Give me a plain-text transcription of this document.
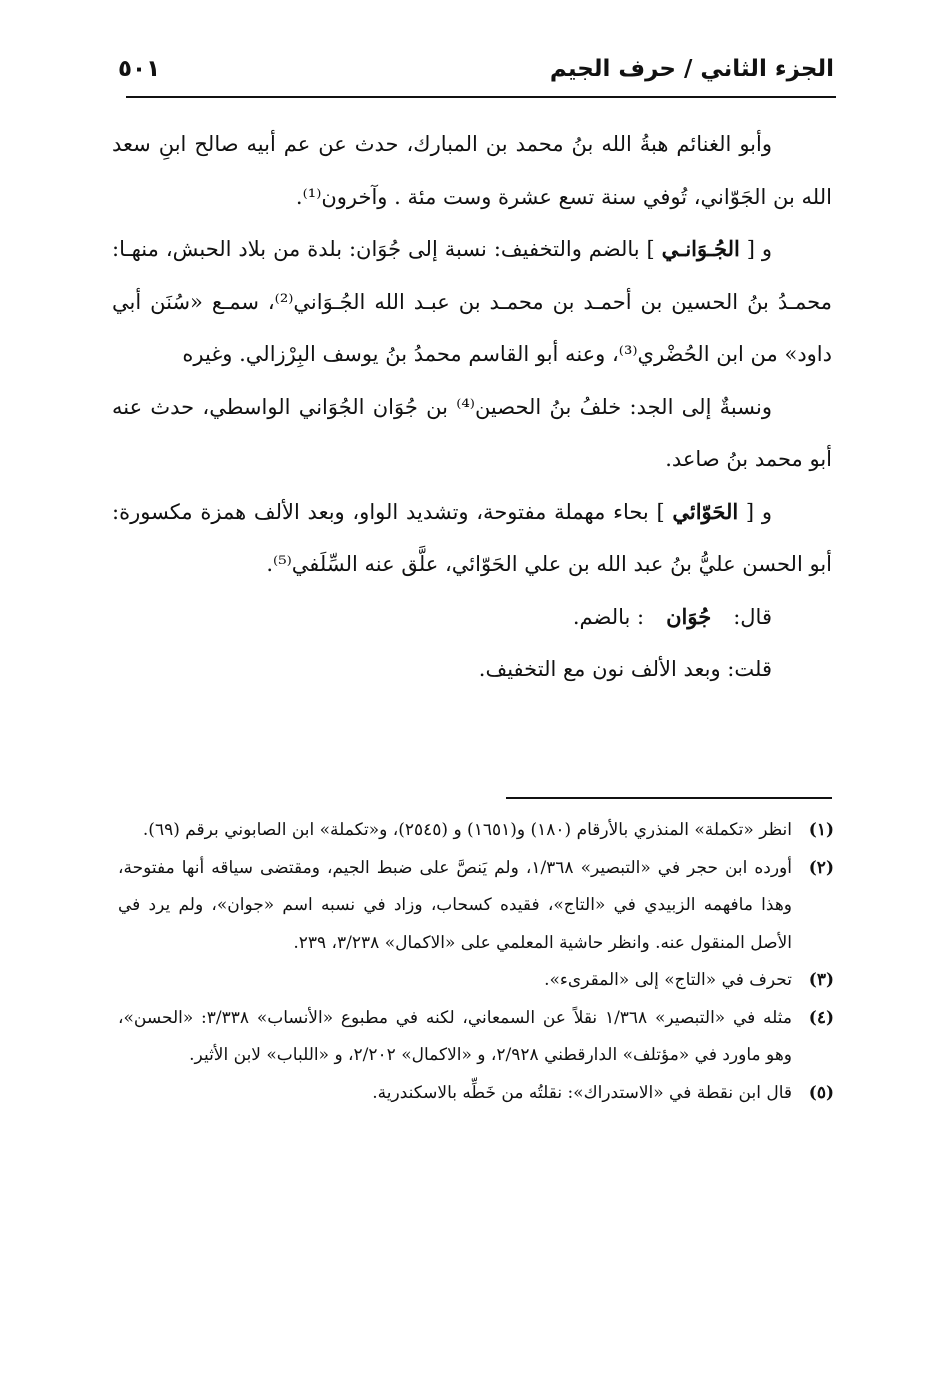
الجزء الثاني / حرف الجيم
٥٠١

وأبو الغنائم هبةُ الله بنُ محمد بن المبارك، حدث عن عم أبيه صالح ابنِ سعد الله بن الجَوّاني، تُوفي سنة تسع عشرة وست مئة . وآخرون⁽¹⁾.

و [ الجُـوَانـي ] بالضم والتخفيف: نسبة إلى جُوَان: بلدة من بلاد الحبش، منهـا: محمـدُ بنُ الحسين بن أحمـد بن محمـد بن عبـد الله الجُـوَاني⁽²⁾، سمـع «سُنَن أبي داود» من ابن الحُضْري⁽³⁾، وعنه أبو القاسم محمدُ بنُ يوسف البِرْزالي. وغيره

ونسبةٌ إلى الجد: خلفُ بنُ الحصين⁽⁴⁾ بن جُوَان الجُوَاني الواسطي، حدث عنه أبو محمد بنُ صاعد.

و [ الحَوّائي ] بحاء مهملة مفتوحة، وتشديد الواو، وبعد الألف همزة مكسورة: أبو الحسن عليُّ بنُ عبد الله بن علي الحَوّائي، علَّق عنه السِّلَفي⁽⁵⁾.

قال:جُوَان: بالضم.

قلت: وبعد الألف نون مع التخفيف.

(١)انظر «تكملة» المنذري بالأرقام (١٨٠) و(١٦٥١) و (٢٥٤٥)، و«تكملة» ابن الصابوني برقم (٦٩).

(٢)أورده ابن حجر في «التبصير» ١/٣٦٨، ولم يَنصَّ على ضبط الجيم، ومقتضى سياقه أنها مفتوحة، وهذا مافهمه الزبيدي في «التاج»، فقيده كسحاب، وزاد في نسبه اسم «جوان»، ولم يرد في الأصل المنقول عنه. وانظر حاشية المعلمي على «الاكمال» ٣/٢٣٨، ٢٣٩.

(٣)تحرف في «التاج» إلى «المقرىء».

(٤)مثله في «التبصير» ١/٣٦٨ نقلاً عن السمعاني، لكنه في مطبوع «الأنساب» ٣/٣٣٨: «الحسن»، وهو ماورد في «مؤتلف» الدارقطني ٢/٩٢٨، و «الاكمال» ٢/٢٠٢، و «اللباب» لابن الأثير.

(٥)قال ابن نقطة في «الاستدراك»: نقلتُه من خَطِّه بالاسكندرية.
